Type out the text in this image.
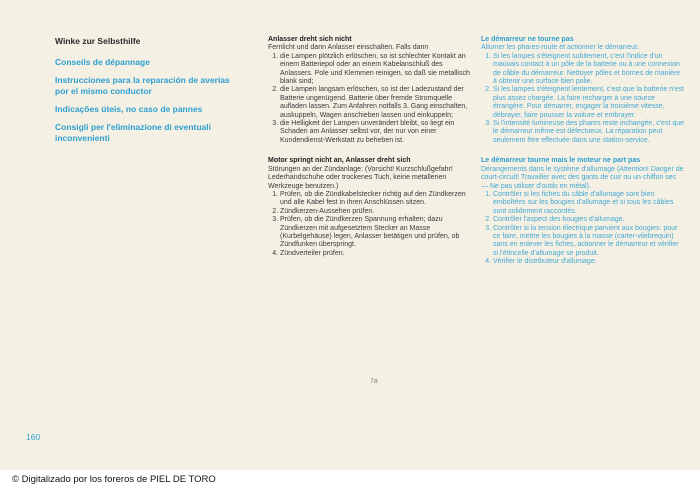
Winke zur Selbsthilfe
Conseils de dépannage
Instrucciones para la reparación de averías por el mismo conductor
Indicações úteis, no caso de pannes
Consigli per l'eliminazione di eventuali inconvenienti

Anlasser dreht sich nicht

Fernlicht und dann Anlasser einschalten. Falls dann

1. die Lampen plötzlich erlöschen, so ist schlechter Kontakt an einem Batteriepol oder an einem Kabelanschluß des Anlassers. Pole und Klemmen reinigen, so daß sie metallisch blank sind;
2. die Lampen langsam erlöschen, so ist der Ladezustand der Batterie ungenügend. Batterie über fremde Stromquelle aufladen lassen. Zum Anfahren notfalls 3. Gang einschalten, auskuppeln, Wagen anschieben lassen und einkuppeln;
3. die Helligkeit der Lampen unverändert bleibt, so liegt ein Schaden am Anlasser selbst vor, der nur von einer Kundendienst-Werkstatt zu beheben ist.

Motor springt nicht an, Anlasser dreht sich

Störungen an der Zündanlage: (Vorsicht! Kurzschlußgefahr! Lederhandschuhe oder trockenes Tuch, keine metallenen Werkzeuge benutzen.)

1. Prüfen, ob die Zündkabelstecker richtig auf den Zündkerzen und alle Kabel fest in ihren Anschlüssen sitzen.
2. Zündkerzen-Aussehen prüfen.
3. Prüfen, ob die Zündkerzen Spannung erhalten; dazu Zündkerzen mit aufgesetztem Stecker an Masse (Kurbelgehäuse) legen, Anlasser betätigen und prüfen, ob Zündfunken überspringt.
4. Zündverteiler prüfen.

Le démarreur ne tourne pas

Allumer les phares-route et actionner le démarreur.

1. Si les lampes s'éteignent subitement, c'est l'indice d'un mauvais contact à un pôle de la batterie ou à une connexion de câble du démarreur. Nettoyer pôles et bornes de manière à obtenir une surface bien polie.
2. Si les lampes s'éteignent lentement, c'est que la batterie n'est plus assez chargée. La faire recharger à une source étrangère. Pour démarrer, engager la troisième vitesse, débrayer, faire pousser la voiture et embrayer.
3. Si l'intensité lumineuse des phares reste inchangée, c'est que le démarreur même est défectueux. La réparation peut seulement être effectuée dans une station-service.

Le démarreur tourne mais le moteur ne part pas

Dérangements dans le système d'allumage (Attention! Danger de court-circuit! Travailler avec des gants de cuir ou un chiffon sec — Ne pas utiliser d'outils en métal).

1. Contrôler si les fiches du câble d'allumage sont bien emboîtées sur les bougies d'allumage et si tous les câbles sont solidement raccordés.
2. Contrôler l'aspect des bougies d'allumage.
3. Contrôler si la tension électrique parvient aux bougies: pour ce faire, mettre les bougies à la masse (carter-vilebrequin) sans en enlever les fiches, actionner le démarreur et vérifier si l'étincelle d'allumage se produit.
4. Vérifier le distributeur d'allumage.
7a
160
© Digitalizado por los foreros de PIEL DE TORO
